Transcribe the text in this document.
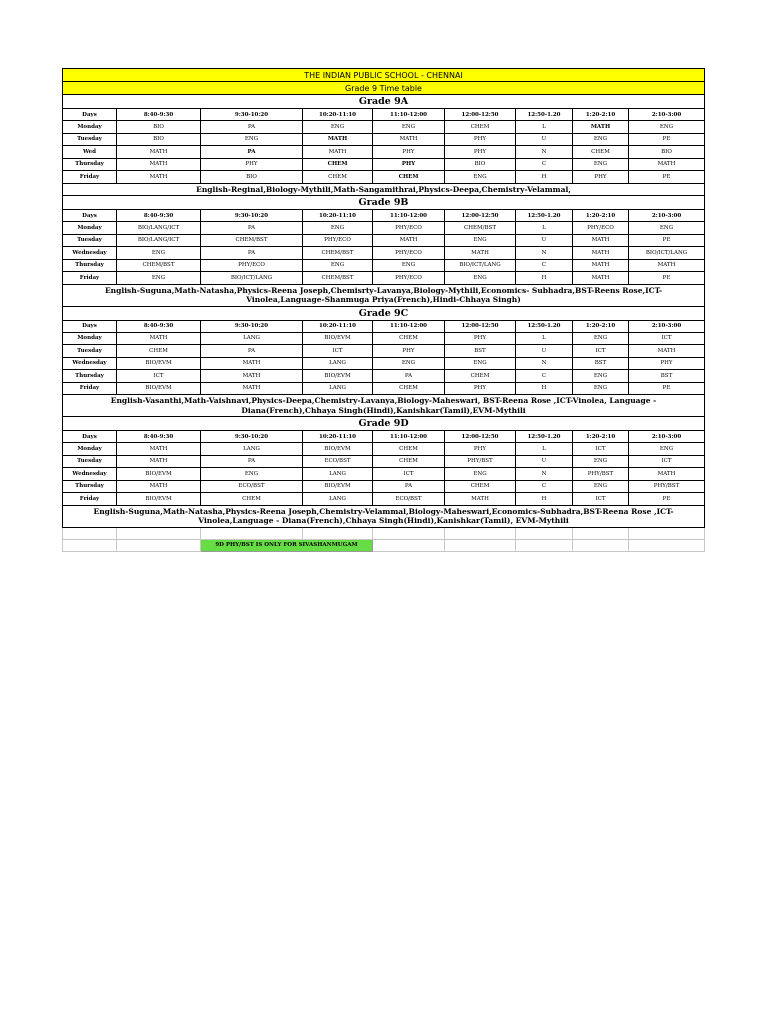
THE INDIAN PUBLIC SCHOOL - CHENNAI								
Grade 9 Time table								
Grade 9A								
Days	8:40-9:30	9:30-10:20	10:20-11:10	11:10-12:00	12:00-12:50	12:50-1.20	1:20-2:10	2:10-3:00
Monday	BIO	PA	ENG	ENG	CHEM	L	MATH	ENG
Tuesday	BIO	ENG	MATH	MATH	PHY	U	ENG	PE
Wed	MATH	PA	MATH	PHY	PHY	N	CHEM	BIO
Thursday	MATH	PHY	CHEM	PHY	BIO	C	ENG	MATH
Friday	MATH	BIO	CHEM	CHEM	ENG	H	PHY	PE
English-Reginal,Biology-Mythili,Math-Sangamithrai,Physics-Deepa,Chemistry-Velammal,								
Grade 9B								
Days	8:40-9:30	9:30-10:20	10:20-11:10	11:10-12:00	12:00-12:50	12:50-1.20	1:20-2:10	2:10-3:00
Monday	BIO/LANG/ICT	PA	ENG	PHY/ECO	CHEM/BST	L	PHY/ECO	ENG
Tuesday	BIO/LANG/ICT	CHEM/BST	PHY/ECO	MATH	ENG	U	MATH	PE
Wednesday	ENG	PA	CHEM/BST	PHY/ECO	MATH	N	MATH	BIO/ICT/LANG
Thursday	CHEM/BST	PHY/ECO	ENG	ENG	BIO/ICT/LANG	C	MATH	MATH
Friday	ENG	BIO/ICT/LANG	CHEM/BST	PHY/ECO	ENG	H	MATH	PE
English-Suguna,Math-Natasha,Physics-Reena Joseph,Chemisrty-Lavanya,Biology-Mythili,Economics- Subhadra,BST-Reens Rose,ICT-Vinolea,Language-Shanmuga Priya(French),Hindi-Chhaya Singh)								
Grade 9C								
Days	8:40-9:30	9:30-10:20	10:20-11:10	11:10-12:00	12:00-12:50	12:50-1.20	1:20-2:10	2:10-3:00
Monday	MATH	LANG	BIO/EVM	CHEM	PHY	L	ENG	ICT
Tuesday	CHEM	PA	ICT	PHY	BST	U	ICT	MATH
Wednesday	BIO/EVM	MATH	LANG	ENG	ENG	N	BST	PHY
Thursday	ICT	MATH	BIO/EVM	PA	CHEM	C	ENG	BST
Friday	BIO/EVM	MATH	LANG	CHEM	PHY	H	ENG	PE
English-Vasanthi,Math-Vaishnavi,Physics-Deepa,Chemistry-Lavanya,Biology-Maheswari, BST-Reena Rose ,ICT-Vinolea, Language - Diana(French),Chhaya Singh(Hindi),Kanishkar(Tamil),EVM-Mythili								
Grade 9D								
Days	8:40-9:30	9:30-10:20	10:20-11:10	11:10-12:00	12:00-12:50	12:50-1.20	1:20-2:10	2:10-3:00
Monday	MATH	LANG	BIO/EVM	CHEM	PHY	L	ICT	ENG
Tuesday	MATH	PA	ECO/BST	CHEM	PHY/BST	U	ENG	ICT
Wednesday	BIO/EVM	ENG	LANG	ICT	ENG	N	PHY/BST	MATH
Thursday	MATH	ECO/BST	BIO/EVM	PA	CHEM	C	ENG	PHY/BST
Friday	BIO/EVM	CHEM	LANG	ECO/BST	MATH	H	ICT	PE
English-Suguna,Math-Natasha,Physics-Reena Joseph,Chemistry-Velammal,Biology-Maheswari,Economics-Subhadra,BST-Reena Rose ,ICT-Vinolea,Language - Diana(French),Chhaya Singh(Hindi),Kanishkar(Tamil), EVM-Mythili								

		9D PHY/BST IS ONLY FOR SIVASHANMUGAM						
